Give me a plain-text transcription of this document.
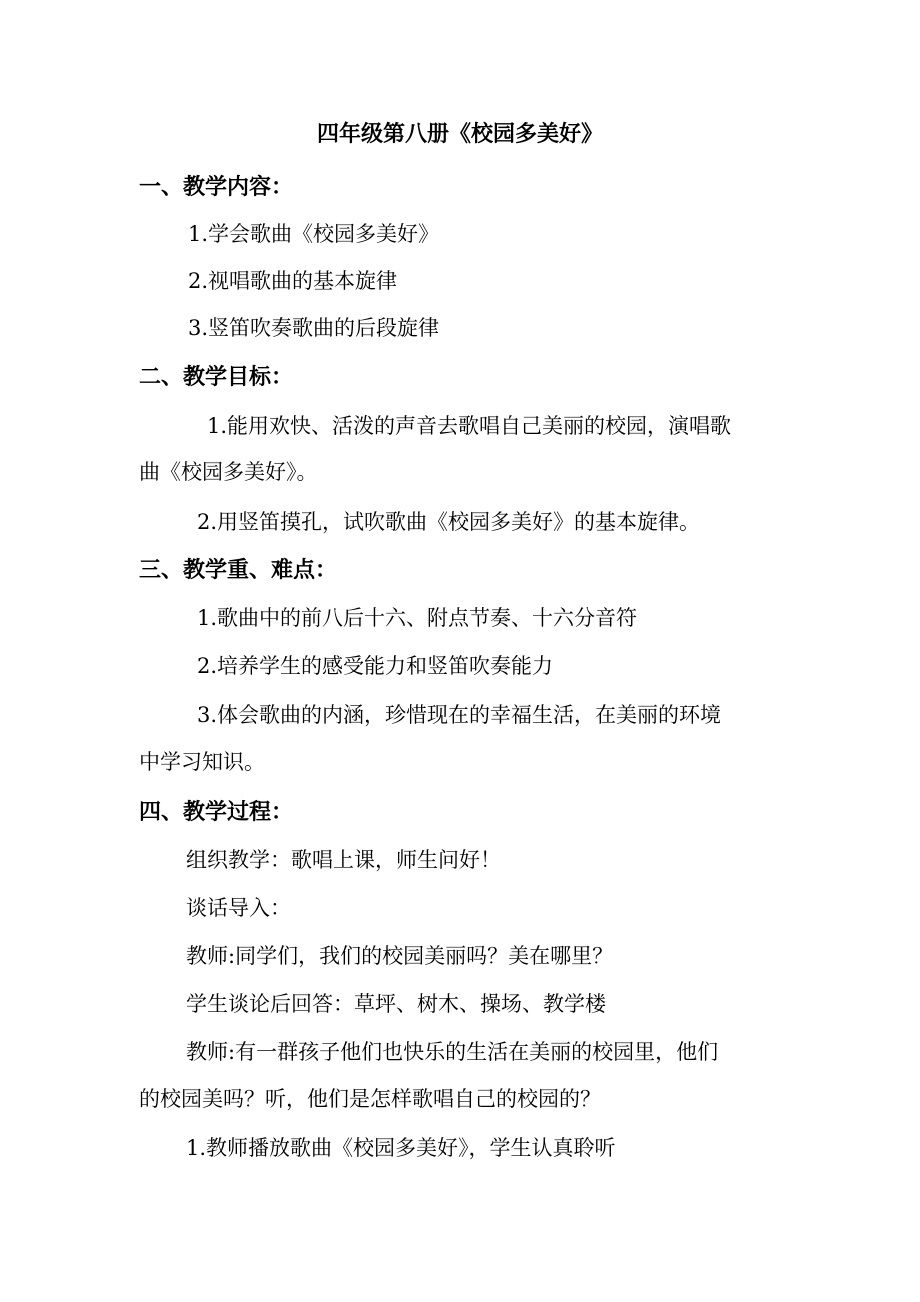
四年级第八册《校园多美好》
一、教学内容：
1.学会歌曲《校园多美好》
2.视唱歌曲的基本旋律
3.竖笛吹奏歌曲的后段旋律
二、教学目标：
1.能用欢快、活泼的声音去歌唱自己美丽的校园，演唱歌
曲《校园多美好》。
2.用竖笛摸孔，试吹歌曲《校园多美好》的基本旋律。
三、教学重、难点：
1.歌曲中的前八后十六、附点节奏、十六分音符
2.培养学生的感受能力和竖笛吹奏能力
3.体会歌曲的内涵，珍惜现在的幸福生活，在美丽的环境
中学习知识。
四、教学过程：
组织教学：歌唱上课，师生问好！
谈话导入：
教师:同学们，我们的校园美丽吗？美在哪里？
学生谈论后回答：草坪、树木、操场、教学楼
教师:有一群孩子他们也快乐的生活在美丽的校园里，他们
的校园美吗？听，他们是怎样歌唱自己的校园的？
1.教师播放歌曲《校园多美好》，学生认真聆听
